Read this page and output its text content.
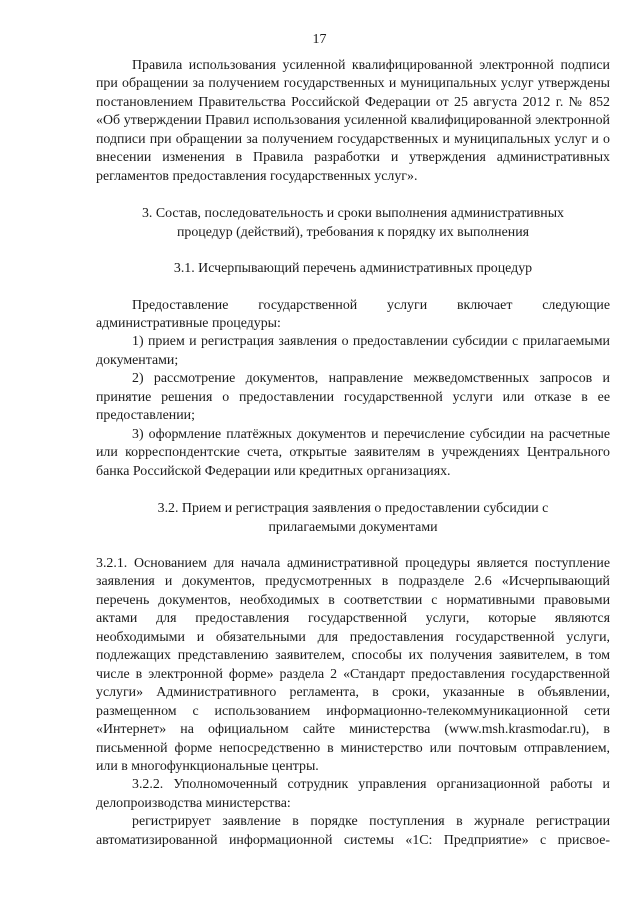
17

Правила использования усиленной квалифицированной электронной подписи при обращении за получением государственных и муниципальных услуг утверждены постановлением Правительства Российской Федерации от 25 августа 2012 г. № 852 «Об утверждении Правил использования усиленной квалифицированной электронной подписи при обращении за получением государственных и муниципальных услуг и о внесении изменения в Правила разработки и утверждения административных регламентов предоставления государственных услуг».

3. Состав, последовательность и сроки выполнения административных процедур (действий), требования к порядку их выполнения

3.1. Исчерпывающий перечень административных процедур

Предоставление государственной услуги включает следующие административные процедуры:

1) прием и регистрация заявления о предоставлении субсидии с прилагаемыми документами;

2) рассмотрение документов, направление межведомственных запросов и принятие решения о предоставлении государственной услуги или отказе в ее предоставлении;

3) оформление платёжных документов и перечисление субсидии на расчетные или корреспондентские счета, открытые заявителям в учреждениях Центрального банка Российской Федерации или кредитных организациях.

3.2. Прием и регистрация заявления о предоставлении субсидии с прилагаемыми документами

3.2.1. Основанием для начала административной процедуры является поступление заявления и документов, предусмотренных в подразделе 2.6 «Исчерпывающий перечень документов, необходимых в соответствии с нормативными правовыми актами для предоставления государственной услуги, которые являются необходимыми и обязательными для предоставления государственной услуги, подлежащих представлению заявителем, способы их получения заявителем, в том числе в электронной форме» раздела 2 «Стандарт предоставления государственной услуги» Административного регламента, в сроки, указанные в объявлении, размещенном с использованием информационно-телекоммуникационной сети «Интернет» на официальном сайте министерства (www.msh.krasmodar.ru), в письменной форме непосредственно в министерство или почтовым отправлением, или в многофункциональные центры.

3.2.2. Уполномоченный сотрудник управления организационной работы и делопроизводства министерства:

регистрирует заявление в порядке поступления в журнале регистрации автоматизированной информационной системы «1С: Предприятие» с присвое-
